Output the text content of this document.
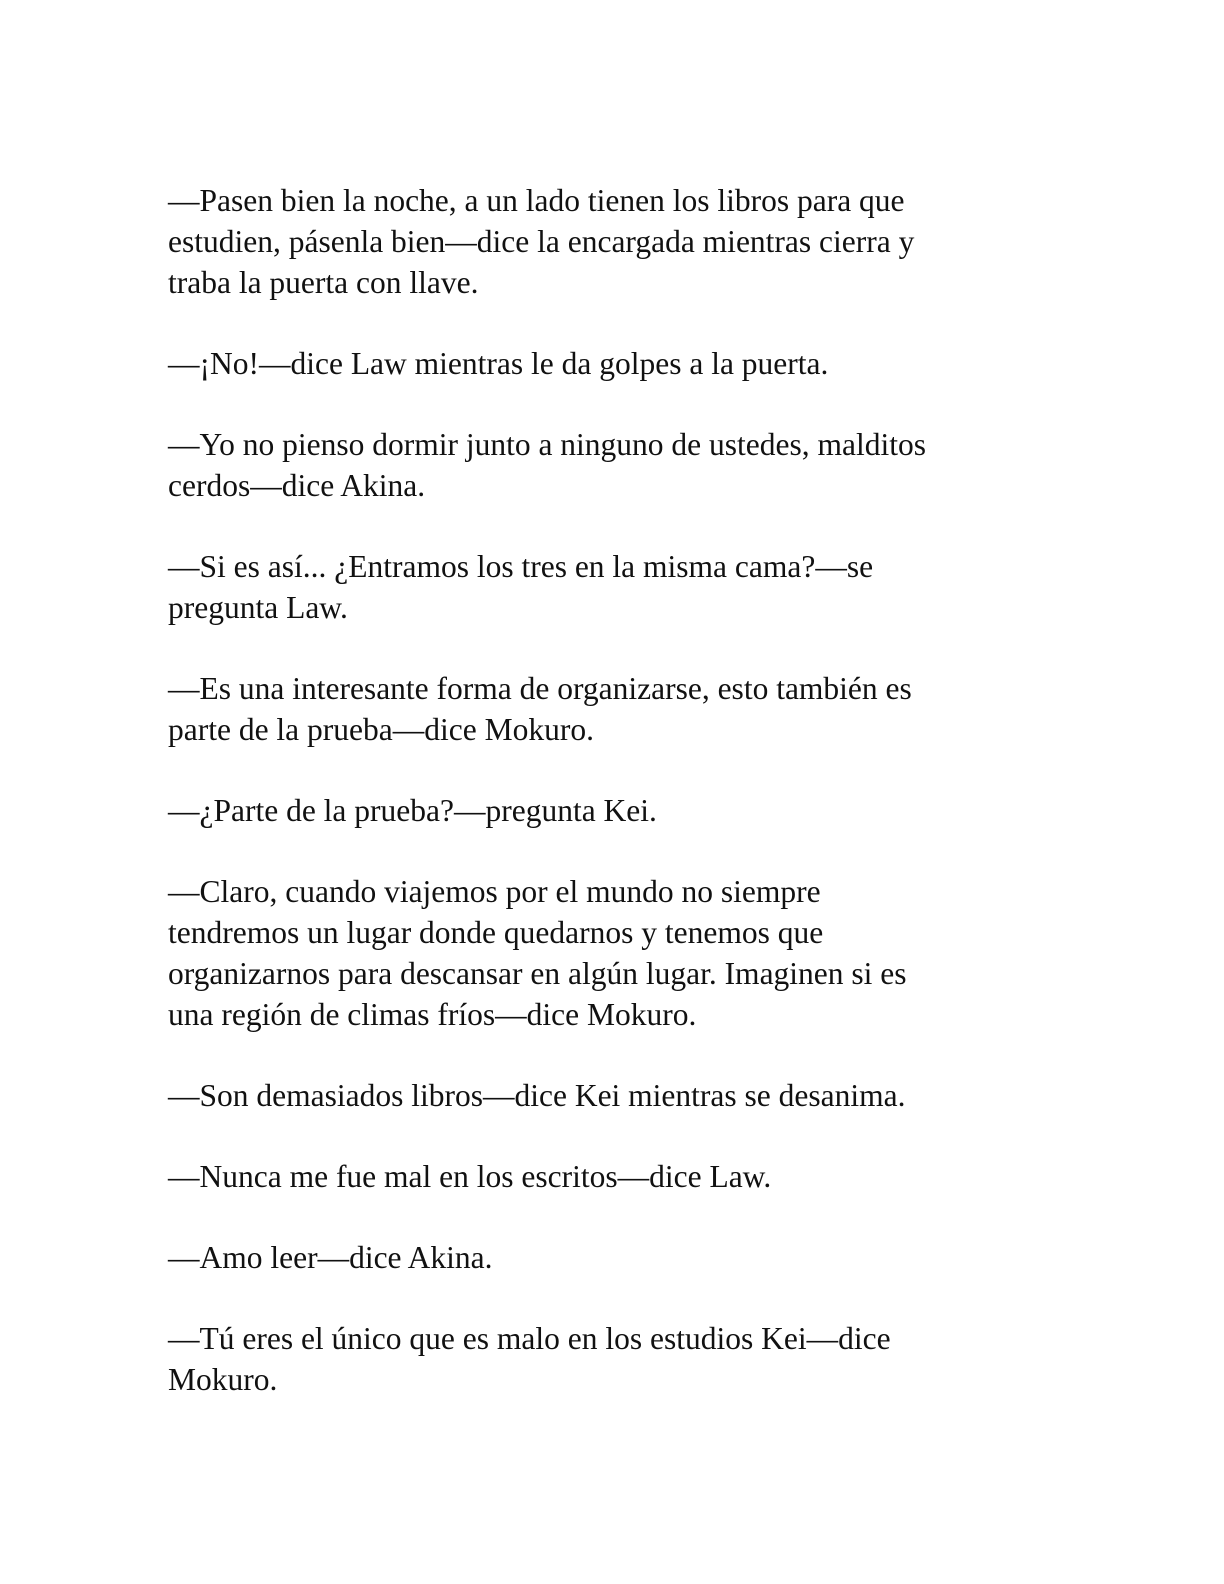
—Pasen bien la noche, a un lado tienen los libros para que
estudien, pásenla bien—dice la encargada mientras cierra y
traba la puerta con llave.

—¡No!—dice Law mientras le da golpes a la puerta.

—Yo no pienso dormir junto a ninguno de ustedes, malditos
cerdos—dice Akina.

—Si es así... ¿Entramos los tres en la misma cama?—se
pregunta Law.

—Es una interesante forma de organizarse, esto también es
parte de la prueba—dice Mokuro.

—¿Parte de la prueba?—pregunta Kei.

—Claro, cuando viajemos por el mundo no siempre
tendremos un lugar donde quedarnos y tenemos que
organizarnos para descansar en algún lugar. Imaginen si es
una región de climas fríos—dice Mokuro.

—Son demasiados libros—dice Kei mientras se desanima.

—Nunca me fue mal en los escritos—dice Law.

—Amo leer—dice Akina.

—Tú eres el único que es malo en los estudios Kei—dice
Mokuro.
